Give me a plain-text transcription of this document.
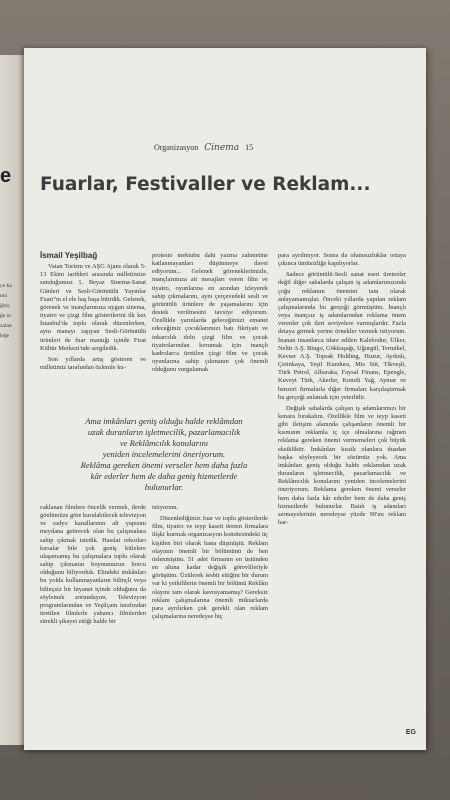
e
ye ka
ntu
ğitir,
ğe in
zalan
leğe
Organizasyon Cinema 15
Fuarlar, Festivaller ve Reklam...

İsmail Yeşilbağ

Vatan Turizm ve AŞG Ajans olarak 5-13 Ekim tarihleri arasında milletimize sunduğumuz 1. Beyaz Sinema-Sanat Günleri ve Sesli-Görüntülü Yayınlar Fuarı"nı el ele baş başa bitirdik. Gelenek, görenek ve inançlarımıza uygun sinema, tiyatro ve çizgi film gösterilerini ilk kez İstanbul'da toplu olarak düzenlerken, aynı manayı taşıyan Sesli-Görüntülü ürünleri de fuar mantığı içinde Fırat Kültür Merkezi'nde sergiledik.

Son yıllarda artış gösteren ve milletimiz tarafından özlemle ku-

protesto mektubu dahi yazma zahmetine katlanmayanları düşünmeye davet ediyorum... Gelenek göreneklerimizle, inançlarımıza ait mesajları veren film ve tiyatro, oyunlarına en azından izleyerek sahip çıkmalarını, aynı çerçevedeki sesli ve görüntülü ürünlere de yaşamalarını için destek verilmesini tavsiye ediyorum. Özellikle yarınlarda geleceğimizi emanet edeceğimiz çocuklarımızı batı fikriyatı ve inkarcılık dolu çizgi film ve çocuk tiyatrolarından korumak için inançlı kadrolarca üretilen çizgi film ve çocuk oyunlarına sahip çıkmanın çok önemli olduğunu vurgulamak

para ayrılmıyor. Sonra da olumsuzluklar ortaya çıkınca ümitsizliğe kapılıyorlar.

Sadece görüntülü-Sesli sanat eseri üretenler değil diğer sahalarda çalışan iş adamlarımızında çoğu reklamın önemini tam olarak anlayamamışlar. Önceki yıllarda yapılan reklam çalışmalarında bu gerçeği görmüştüm. İnançlı veya inançsız iş adamlarından reklama önem verenler çok ileri seviyelere varmışlardır. Fazla detaya girmek yerine örnekler vermek istiyorum. İnanan insanlarca idare edilen Kalebodur, Ülker, Nehir A.Ş. Bingo, Gökkuşağı, Uğurgül, Termikel, Kevser A.Ş. Toprak Holding, Huzur, Aydınlı, Çetinkaya, Yeşil Kundura, Mis Süt, Tikveşli, Türk Petrol, Albaraka, Faysal Finans, Epengle, Kuveyt Türk, Akerler, Komili Yağ, Aymar ve benzeri firmalarla diğer firmaları karşılaştırmak bu gerçeği anlamak için yeterlidir.

Değişik sahalarda çalışan iş adamlarımızı bir kenara bırakalım. Özellikle film ve teyp kaseti gibi iletişim alanında çalışanların önemli bir kısmının reklamla iç içe olmalarına rağmen reklama gereken önemi vermemeleri çok büyük eksikliktir. İmkânları kısıtlı olanlara duadan başka söyleyecek bir sözümüz yok. Ama imkânları geniş olduğu halde reklamdan uzak duranların işletmecilik, pazarlamacılık ve Reklâmcılık konularını yeniden incelemelerini öneriyorum. Reklama gereken önemi verseler hem daha fazla kâr ederler hem de daha geniş hizmetlerde bulunurlar. Batılı iş adamları sermayelerinin neredeyse yüzde 90'ını reklam har-

Ama imkânları geniş olduğu halde reklâmdan
uzak duranların işletmecilik, pazarlamacılık
ve Reklâmcılık konularını
yeniden incelemelerini öneriyorum.
Reklâma gereken önemi verseler hem daha fazla
kâr ederler hem de daha geniş hizmetlerde
bulunurlar.

caklanan filmlere öncelik vermek, ilerde gönlümüze göre kurulabilecek televizyon ve radyo kanallarının alt yapısını meydana getirecek olan bu çalışmalara sahip çıkmak istedik. Hasılat rekorları kırsalar bile çok geniş kitlelere ulaşamamış bu çalışmalara toplu olarak sahip çıkmanın boynumuzun borcu olduğunu biliyorduk. Elindeki imkânları bu yolda kullanmayanların bilinçli veya bilinçsiz bir hiyanet içinde olduğunu da söylemek zorundayım. Televizyon programlarından ve Yeşilçam tarafından üretilen filmlerle yabancı filmlerden sürekli şikayet ettiği halde bir

istiyorum.

Düzenlediğimiz fuar ve toplu gösterilerde film, tiyatro ve teyp kaseti üreten firmalara ilişki kurmak organizasyon komitesindeki üç kişiden biri olarak bana düşmüştü. Reklam olayının önemli bir bölümünü de ben üslenmiştim. 51 adet firmanın en üstünden en altına kadar değişik görevlileriyle görüştüm. Üzülerek tesbit ettiğim bir durum var ki yetkililerin önemli bir bölümü Reklâm olayını tam olarak kavrayamamış? Gereksiz reklam çalışmalarına önemli miktarlarda para ayrılırken çok gerekli olan reklam çalışmalarına neredeyse hiç

EG
